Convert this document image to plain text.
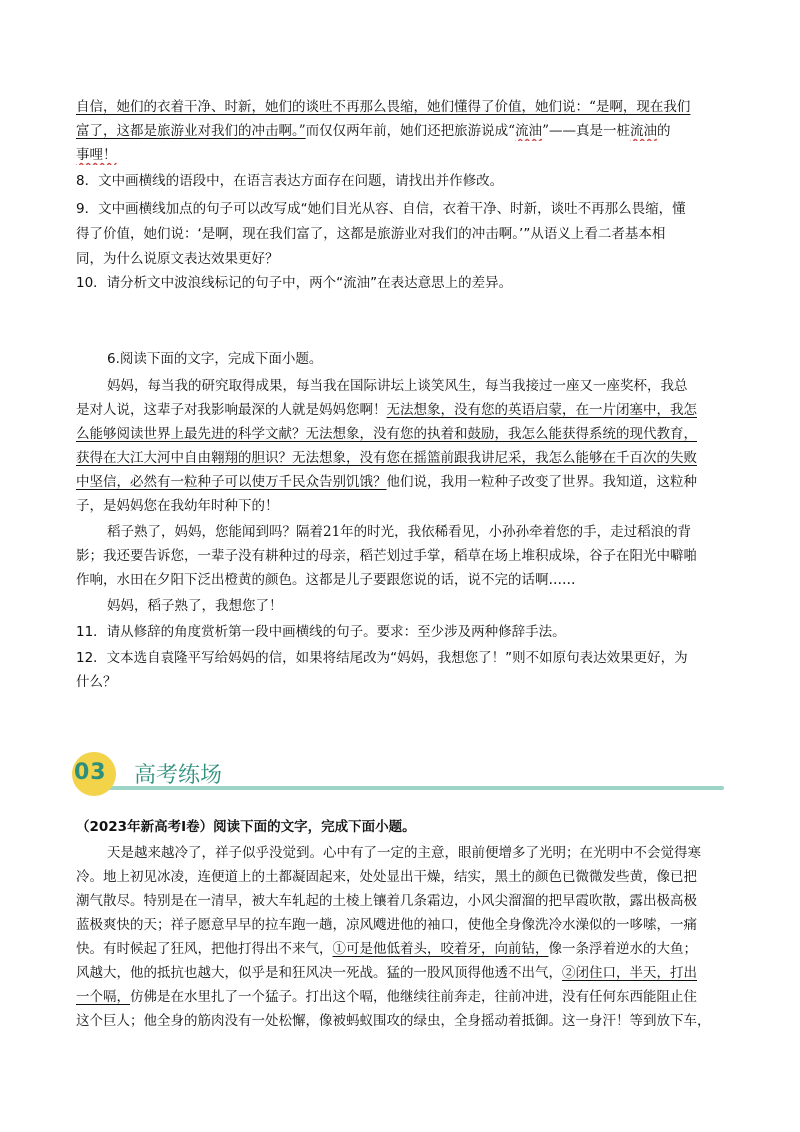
自信，她们的衣着干净、时新，她们的谈吐不再那么畏缩，她们懂得了价值，她们说：“是啊，现在我们
富了，这都是旅游业对我们的冲击啊。”而仅仅两年前，她们还把旅游说成“流油”——真是一桩流油的
事哩！
8．文中画横线的语段中，在语言表达方面存在问题，请找出并作修改。
9．文中画横线加点的句子可以改写成“她们目光从容、自信，衣着干净、时新，谈吐不再那么畏缩，懂
得了价值，她们说：‘是啊，现在我们富了，这都是旅游业对我们的冲击啊。’”从语义上看二者基本相
同，为什么说原文表达效果更好？
10．请分析文中波浪线标记的句子中，两个“流油”在表达意思上的差异。
6.阅读下面的文字，完成下面小题。
妈妈，每当我的研究取得成果，每当我在国际讲坛上谈笑风生，每当我接过一座又一座奖杯，我总
是对人说，这辈子对我影响最深的人就是妈妈您啊！无法想象，没有您的英语启蒙，在一片闭塞中，我怎
么能够阅读世界上最先进的科学文献？无法想象，没有您的执着和鼓励，我怎么能获得系统的现代教育，
获得在大江大河中自由翱翔的胆识？无法想象，没有您在摇篮前跟我讲尼采，我怎么能够在千百次的失败
中坚信，必然有一粒种子可以使万千民众告别饥饿？他们说，我用一粒种子改变了世界。我知道，这粒种
子，是妈妈您在我幼年时种下的！
稻子熟了，妈妈，您能闻到吗？隔着21年的时光，我依稀看见，小孙孙牵着您的手，走过稻浪的背
影；我还要告诉您，一辈子没有耕种过的母亲，稻芒划过手掌，稻草在场上堆积成垛，谷子在阳光中噼啪
作响，水田在夕阳下泛出橙黄的颜色。这都是儿子要跟您说的话，说不完的话啊……
妈妈，稻子熟了，我想您了！
11．请从修辞的角度赏析第一段中画横线的句子。要求：至少涉及两种修辞手法。
12．文本选自袁隆平写给妈妈的信，如果将结尾改为“妈妈，我想您了！”则不如原句表达效果更好，为
什么？
03 高考练场
（2023年新高考Ⅰ卷）阅读下面的文字，完成下面小题。
天是越来越冷了，祥子似乎没觉到。心中有了一定的主意，眼前便增多了光明；在光明中不会觉得寒
冷。地上初见冰凌，连便道上的土都凝固起来，处处显出干燥，结实，黑土的颜色已微微发些黄，像已把
潮气散尽。特别是在一清早，被大车轧起的土棱上镶着几条霜边，小风尖溜溜的把早霞吹散，露出极高极
蓝极爽快的天；祥子愿意早早的拉车跑一趟，凉风飕进他的袖口，使他全身像洗冷水澡似的一哆嗦，一痛
快。有时候起了狂风，把他打得出不来气，①可是他低着头，咬着牙，向前钻，像一条浮着逆水的大鱼；
风越大，他的抵抗也越大，似乎是和狂风决一死战。猛的一股风顶得他透不出气，②闭住口，半天，打出
一个嗝，仿佛是在水里扎了一个猛子。打出这个嗝，他继续往前奔走，往前冲进，没有任何东西能阻止住
这个巨人；他全身的筋肉没有一处松懈，像被蚂蚁围攻的绿虫，全身摇动着抵御。这一身汗！等到放下车，
